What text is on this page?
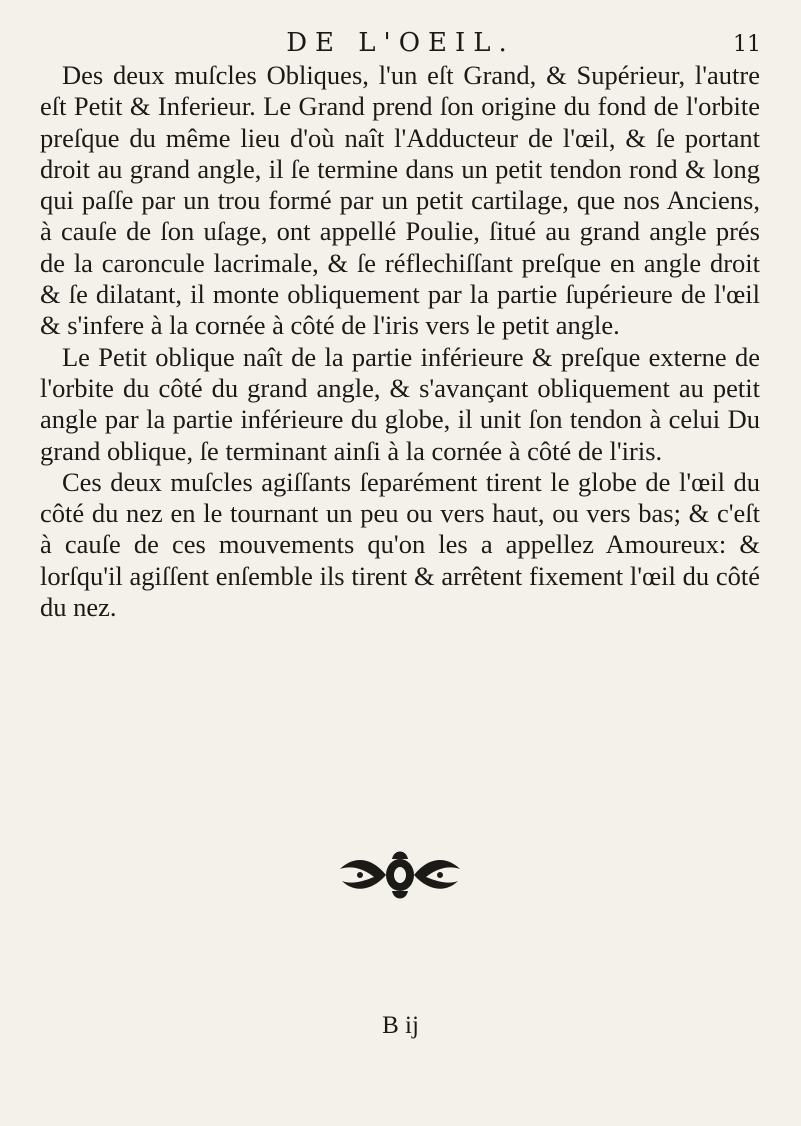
DE L'OEIL.	11

Des deux muſcles Obliques, l'un eſt Grand, & Supérieur, l'autre eſt Petit & Inferieur. Le Grand prend ſon origine du fond de l'orbite preſque du même lieu d'où naît l'Adducteur de l'œil, & ſe portant droit au grand angle, il ſe termine dans un petit tendon rond & long qui paſſe par un trou formé par un petit cartilage, que nos Anciens, à cauſe de ſon uſage, ont appellé Poulie, ſitué au grand angle prés de la caroncule lacrimale, & ſe réflechiſſant preſque en angle droit & ſe dilatant, il monte obliquement par la partie ſupérieure de l'œil & s'infere à la cornée à côté de l'iris vers le petit angle.

Le Petit oblique naît de la partie inférieure & preſque externe de l'orbite du côté du grand angle, & s'avançant obliquement au petit angle par la partie inférieure du globe, il unit ſon tendon à celui Du grand oblique, ſe terminant ainſi à la cornée à côté de l'iris.

Ces deux muſcles agiſſants ſeparément tirent le globe de l'œil du côté du nez en le tournant un peu ou vers haut, ou vers bas; & c'eſt à cauſe de ces mouvements qu'on les a appellez Amoureux: & lorſqu'il agiſſent enſemble ils tirent & arrêtent fixement l'œil du côté du nez.

B ij
